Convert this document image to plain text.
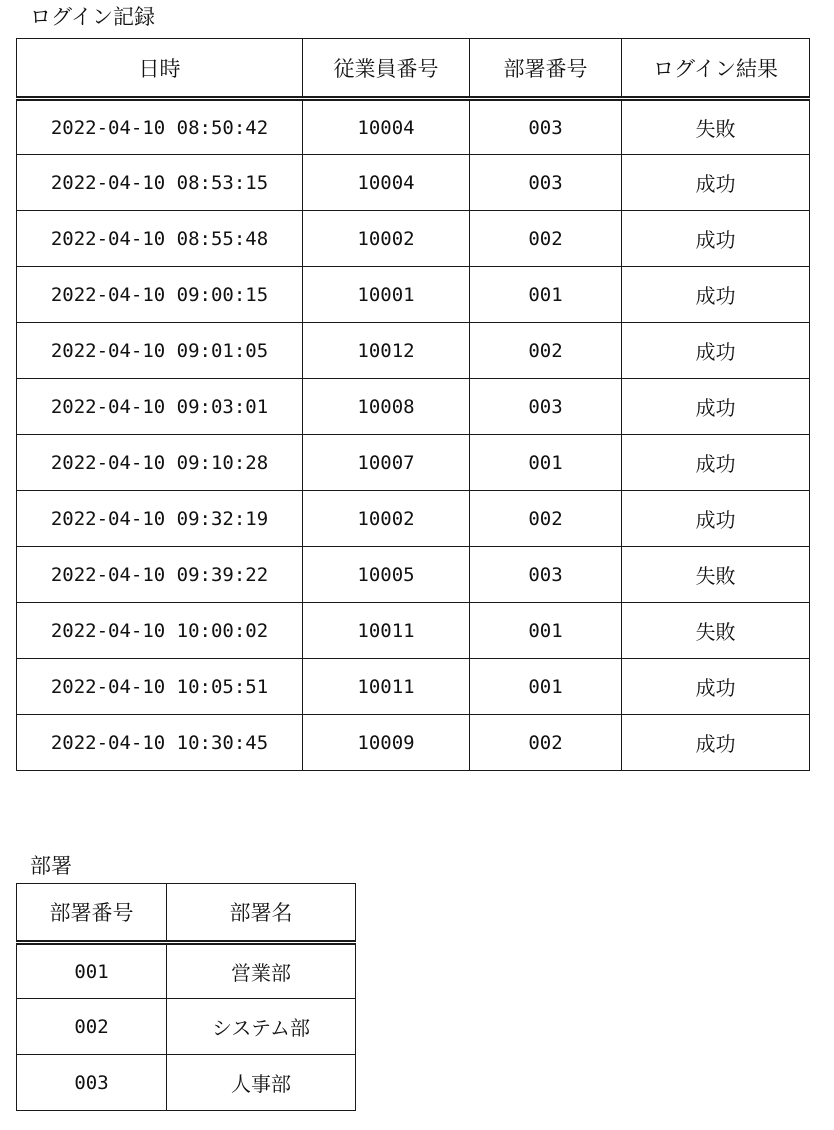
ログイン記録
日時	従業員番号	部署番号	ログイン結果
2022-04-10 08:50:42	10004	003	失敗
2022-04-10 08:53:15	10004	003	成功
2022-04-10 08:55:48	10002	002	成功
2022-04-10 09:00:15	10001	001	成功
2022-04-10 09:01:05	10012	002	成功
2022-04-10 09:03:01	10008	003	成功
2022-04-10 09:10:28	10007	001	成功
2022-04-10 09:32:19	10002	002	成功
2022-04-10 09:39:22	10005	003	失敗
2022-04-10 10:00:02	10011	001	失敗
2022-04-10 10:05:51	10011	001	成功
2022-04-10 10:30:45	10009	002	成功
部署
部署番号	部署名
001	営業部
002	システム部
003	人事部
